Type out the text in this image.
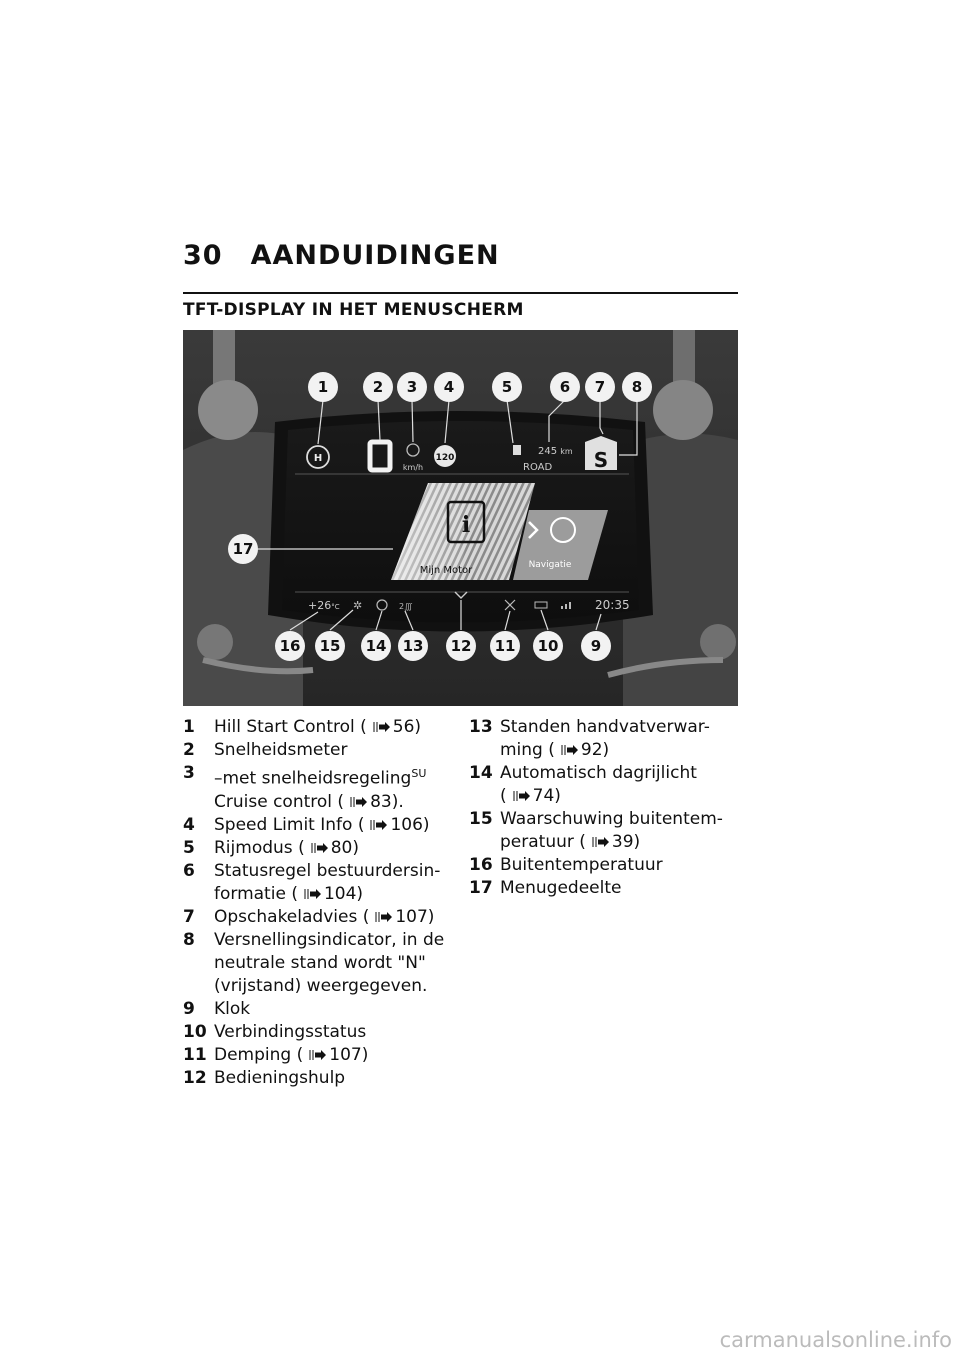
30 AANDUIDINGEN
TFT-DISPLAY IN HET MENUSCHERM
H
km/h
120
245 km
ROAD S
i
Mijn Motor	Navigatie
+26°C ✲	2∭	20:35
1	2 3 4	5	6 7 8
9
10
11
12
13
14
15
16
17
1	Hill Start Control ( 56)
2	Snelheidsmeter
3	–met snelheidsregeling$^{SU}$
Cruise control ( 83).
4	Speed Limit Info ( 106)
5	Rijmodus ( 80)
6	Statusregel bestuurdersin-
formatie ( 104)
7	Opschakeladvies ( 107)
8	Versnellingsindicator, in de
neutrale stand wordt "N"
(vrijstand) weergegeven.
9	Klok
10 Verbindingsstatus
11 Demping ( 107)
12 Bedieningshulp
13 Standen handvatverwar-
ming ( 92)
14 Automatisch dagrijlicht
( 74)
15 Waarschuwing buitentem-
peratuur ( 39)
16 Buitentemperatuur
17 Menugedeelte
carmanualsonline.info
